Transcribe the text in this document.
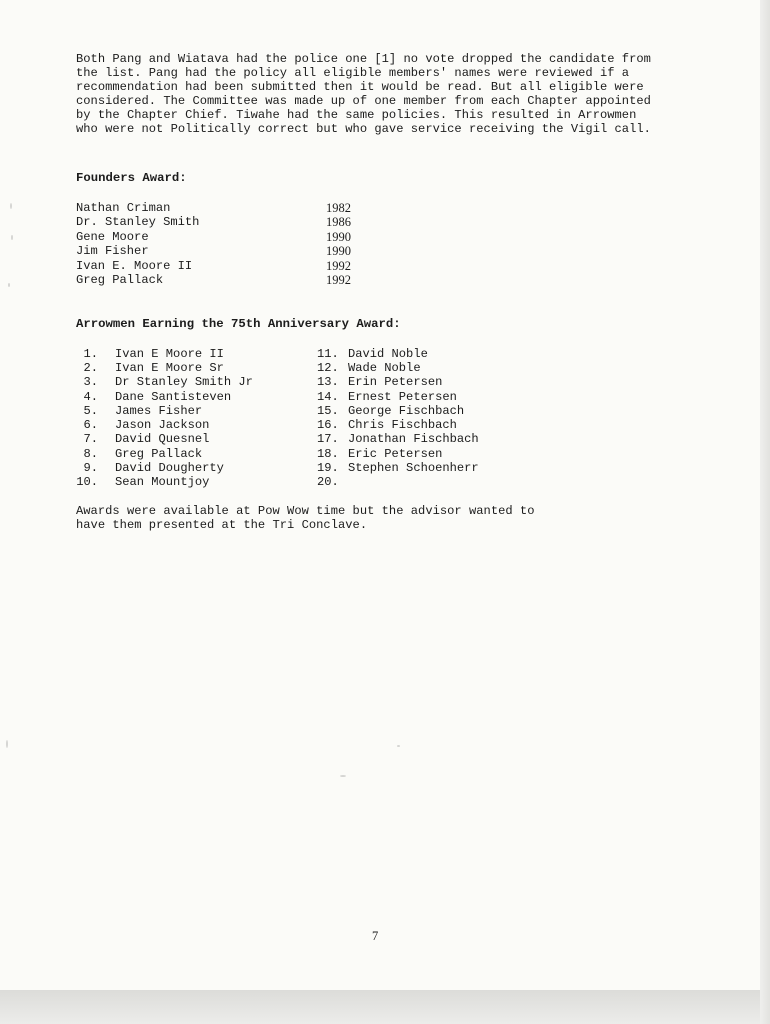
Both Pang and Wiatava had the police one [1] no vote dropped the candidate from
the list. Pang had the policy all eligible members' names were reviewed if a
recommendation had been submitted then it would be read. But all eligible were
considered. The Committee was made up of one member from each Chapter appointed
by the Chapter Chief. Tiwahe had the same policies. This resulted in Arrowmen
who were not Politically correct but who gave service receiving the Vigil call.
Founders Award:
Nathan Criman	1982
Dr. Stanley Smith	1986
Gene Moore	1990
Jim Fisher	1990
Ivan E. Moore II	1992
Greg Pallack	1992
Arrowmen Earning the 75th Anniversary Award:
1. Ivan E Moore II
2. Ivan E Moore Sr
3. Dr Stanley Smith Jr
4. Dane Santisteven
5. James Fisher
6. Jason Jackson
7. David Quesnel
8. Greg Pallack
9. David Dougherty
10. Sean Mountjoy
11. David Noble
12. Wade Noble
13. Erin Petersen
14. Ernest Petersen
15. George Fischbach
16. Chris Fischbach
17. Jonathan Fischbach
18. Eric Petersen
19. Stephen Schoenherr
20.
Awards were available at Pow Wow time but the advisor wanted to
have them presented at the Tri Conclave.
7
